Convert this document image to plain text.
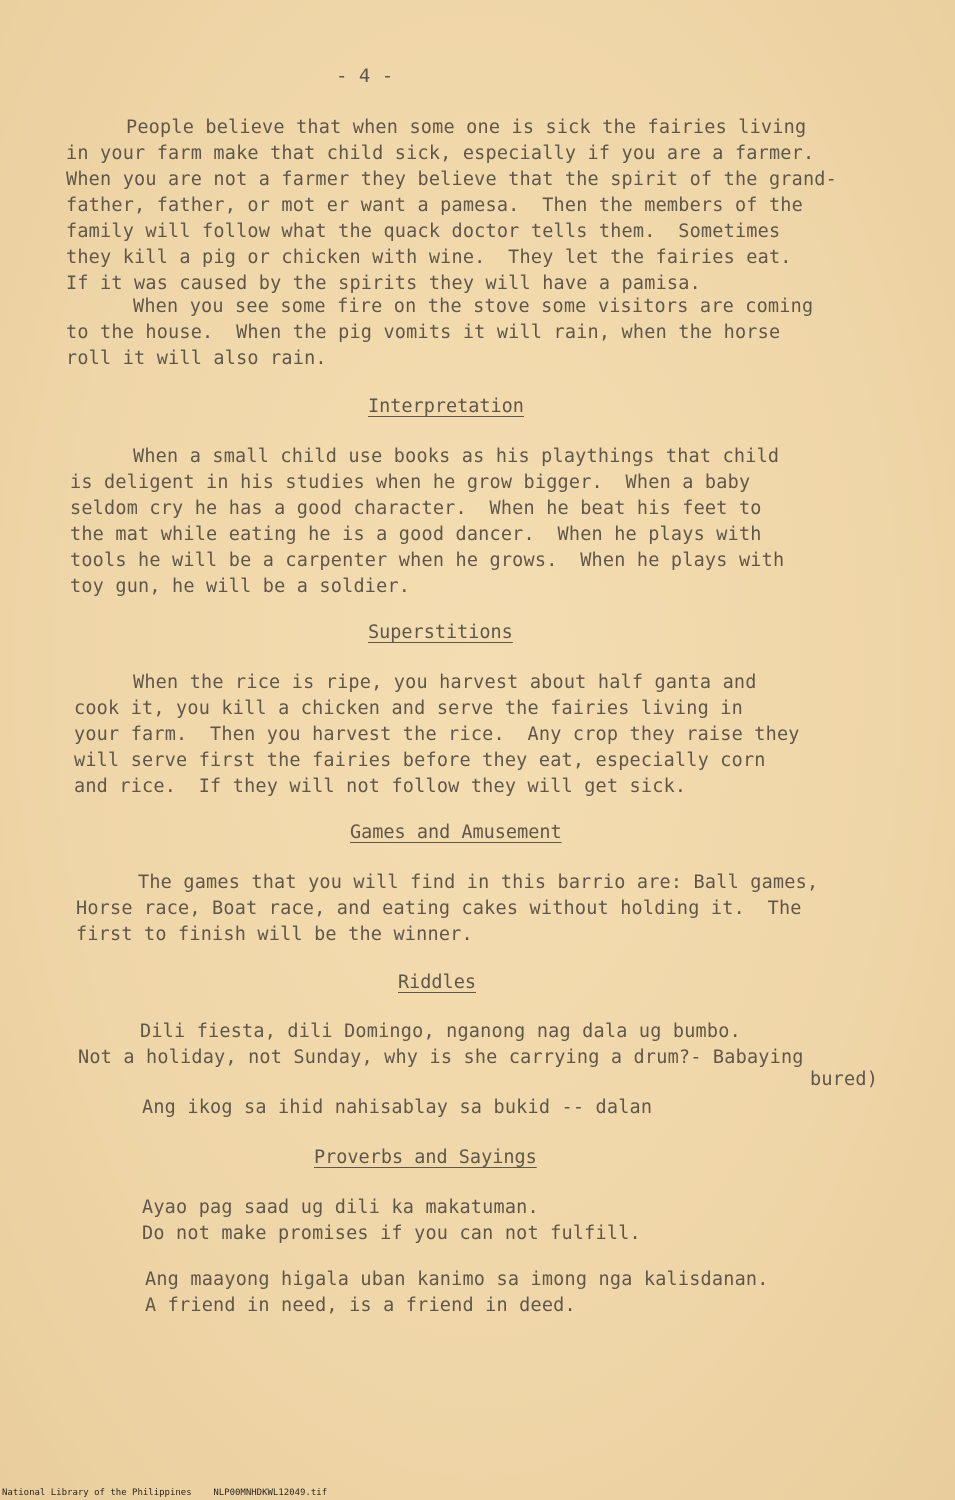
- 4 -
People believe that when some one is sick the fairies living
in your farm make that child sick, especially if you are a farmer.
When you are not a farmer they believe that the spirit of the grand-
father, father, or mot er want a pamesa.  Then the members of the
family will follow what the quack doctor tells them.  Sometimes
they kill a pig or chicken with wine.  They let the fairies eat.
If it was caused by the spirits they will have a pamisa.
When you see some fire on the stove some visitors are coming
to the house.  When the pig vomits it will rain, when the horse
roll it will also rain.
Interpretation
When a small child use books as his playthings that child
is deligent in his studies when he grow bigger.  When a baby
seldom cry he has a good character.  When he beat his feet to
the mat while eating he is a good dancer.  When he plays with
tools he will be a carpenter when he grows.  When he plays with
toy gun, he will be a soldier.
Superstitions
When the rice is ripe, you harvest about half ganta and
cook it, you kill a chicken and serve the fairies living in
your farm.  Then you harvest the rice.  Any crop they raise they
will serve first the fairies before they eat, especially corn
and rice.  If they will not follow they will get sick.
Games and Amusement
The games that you will find in this barrio are: Ball games,
Horse race, Boat race, and eating cakes without holding it.  The
first to finish will be the winner.
Riddles
Dili fiesta, dili Domingo, nganong nag dala ug bumbo.
Not a holiday, not Sunday, why is she carrying a drum?- Babaying
bured)
Ang ikog sa ihid nahisablay sa bukid -- dalan
Proverbs and Sayings
Ayao pag saad ug dili ka makatuman.
Do not make promises if you can not fulfill.
Ang maayong higala uban kanimo sa imong nga kalisdanan.
A friend in need, is a friend in deed.
National Library of the Philippines    NLP00MNHDKWL12049.tif
